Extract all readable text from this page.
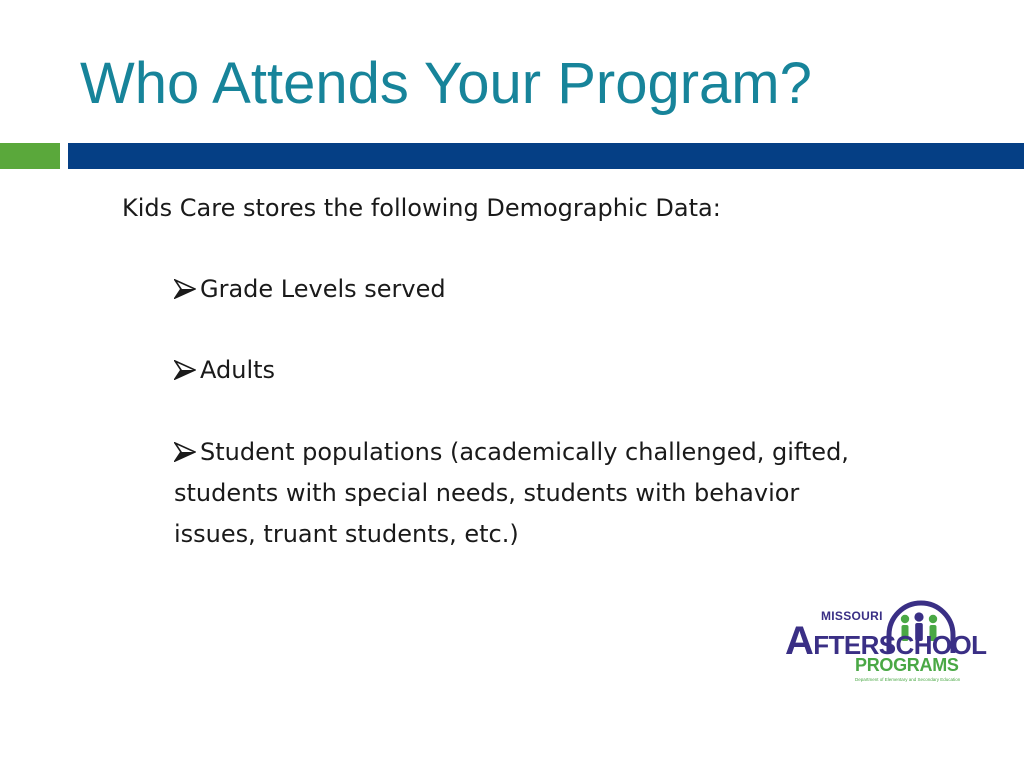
Who Attends Your Program?
Kids Care stores the following Demographic Data:
Grade Levels served
Adults
Student populations (academically challenged, gifted, students with special needs, students with behavior issues, truant students, etc.)
MISSOURI
AFTERSCHOOL
PROGRAMS
Department of Elementary and Secondary Education
